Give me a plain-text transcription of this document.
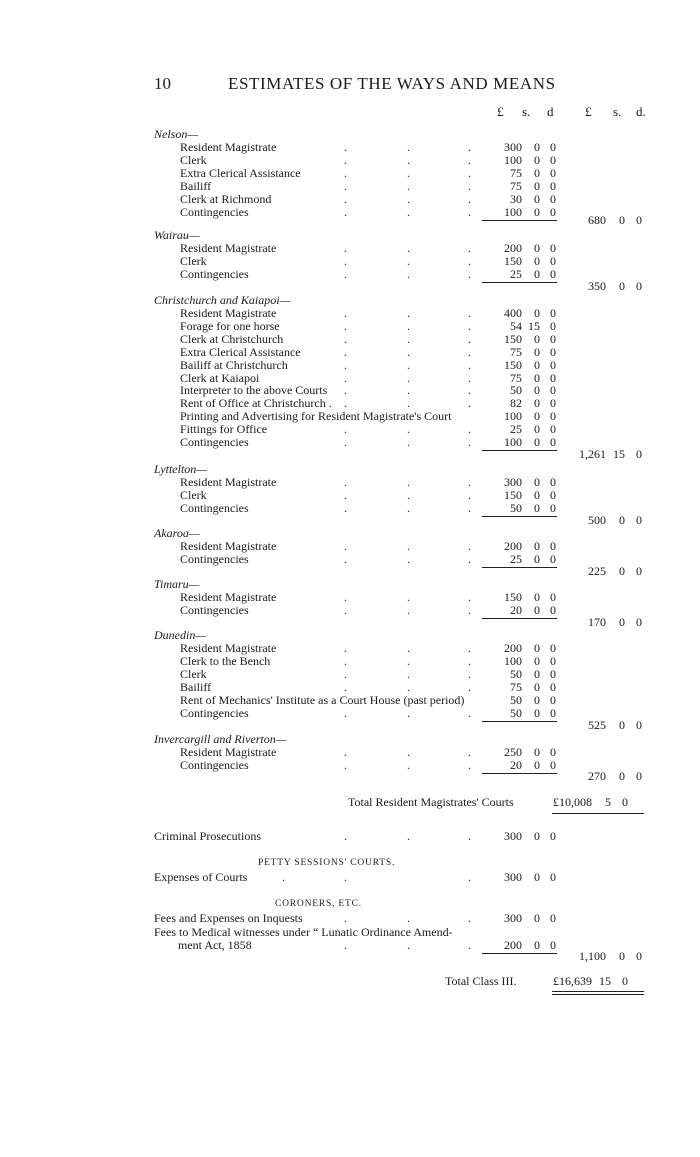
10	ESTIMATES OF THE WAYS AND MEANS
£ s. d £ s. d.
Nelson—
Resident Magistrate	.	.	.	300	0 0
Clerk	.	.	.	100	0 0
Extra Clerical Assistance	.	.	.	75	0 0
Bailiff	.	.	.	75	0 0
Clerk at Richmond	.	.	.	30	0 0
Contingencies	.	.	.	100	0 0
680	0 0
Wairau—
Resident Magistrate	.	.	.	200	0 0
Clerk	.	.	.	150	0 0
Contingencies	.	.	.	25	0 0
350	0 0
Christchurch and Kaiapoi—
Resident Magistrate	.	.	.	400	0 0
Forage for one horse	.	.	.	54 15 0
Clerk at Christchurch	.	.	.	150	0 0
Extra Clerical Assistance	.	.	.	75	0 0
Bailiff at Christchurch	.	.	.	150	0 0
Clerk at Kaiapoi	.	.	.	75	0 0
Interpreter to the above Courts .	.	.	50	0 0
Rent of Office at Christchurch . .	.	.	82	0 0
Printing and Advertising for Resident Magistrate's Court	100	0 0
Fittings for Office	.	.	.	25	0 0
Contingencies	.	.	.	100	0 0
1,261 15 0
Lyttelton—
Resident Magistrate	.	.	.	300	0 0
Clerk	.	.	.	150	0 0
Contingencies	.	.	.	50	0 0
500	0 0
Akaroa—
Resident Magistrate	.	.	.	200	0 0
Contingencies	.	.	.	25	0 0
225	0 0
Timaru—
Resident Magistrate	.	.	.	150	0 0
Contingencies	.	.	.	20	0 0
170	0 0
Dunedin—
Resident Magistrate	.	.	.	200	0 0
Clerk to the Bench	.	.	.	100	0 0
Clerk	.	.	.	50	0 0
Bailiff	.	.	.	75	0 0
Rent of Mechanics' Institute as a Court House (past period)	50	0 0
Contingencies	.	.	.	50	0 0
525	0 0
Invercargill and Riverton—
Resident Magistrate	.	.	.	250	0 0
Contingencies	.	.	.	20	0 0
270	0 0
Total Resident Magistrates' Courts	£10,008	5 0
Criminal Prosecutions	.	.	.	300	0 0
PETTY SESSIONS' COURTS.
Expenses of Courts	.	.	.	300	0 0
CORONERS, ETC.
Fees and Expenses on Inquests	.	.	.	300	0 0
Fees to Medical witnesses under “ Lunatic Ordinance Amend-
ment Act, 1858	.	.	.	200	0 0
1,100	0 0
Total Class III.	£16,639 15 0
